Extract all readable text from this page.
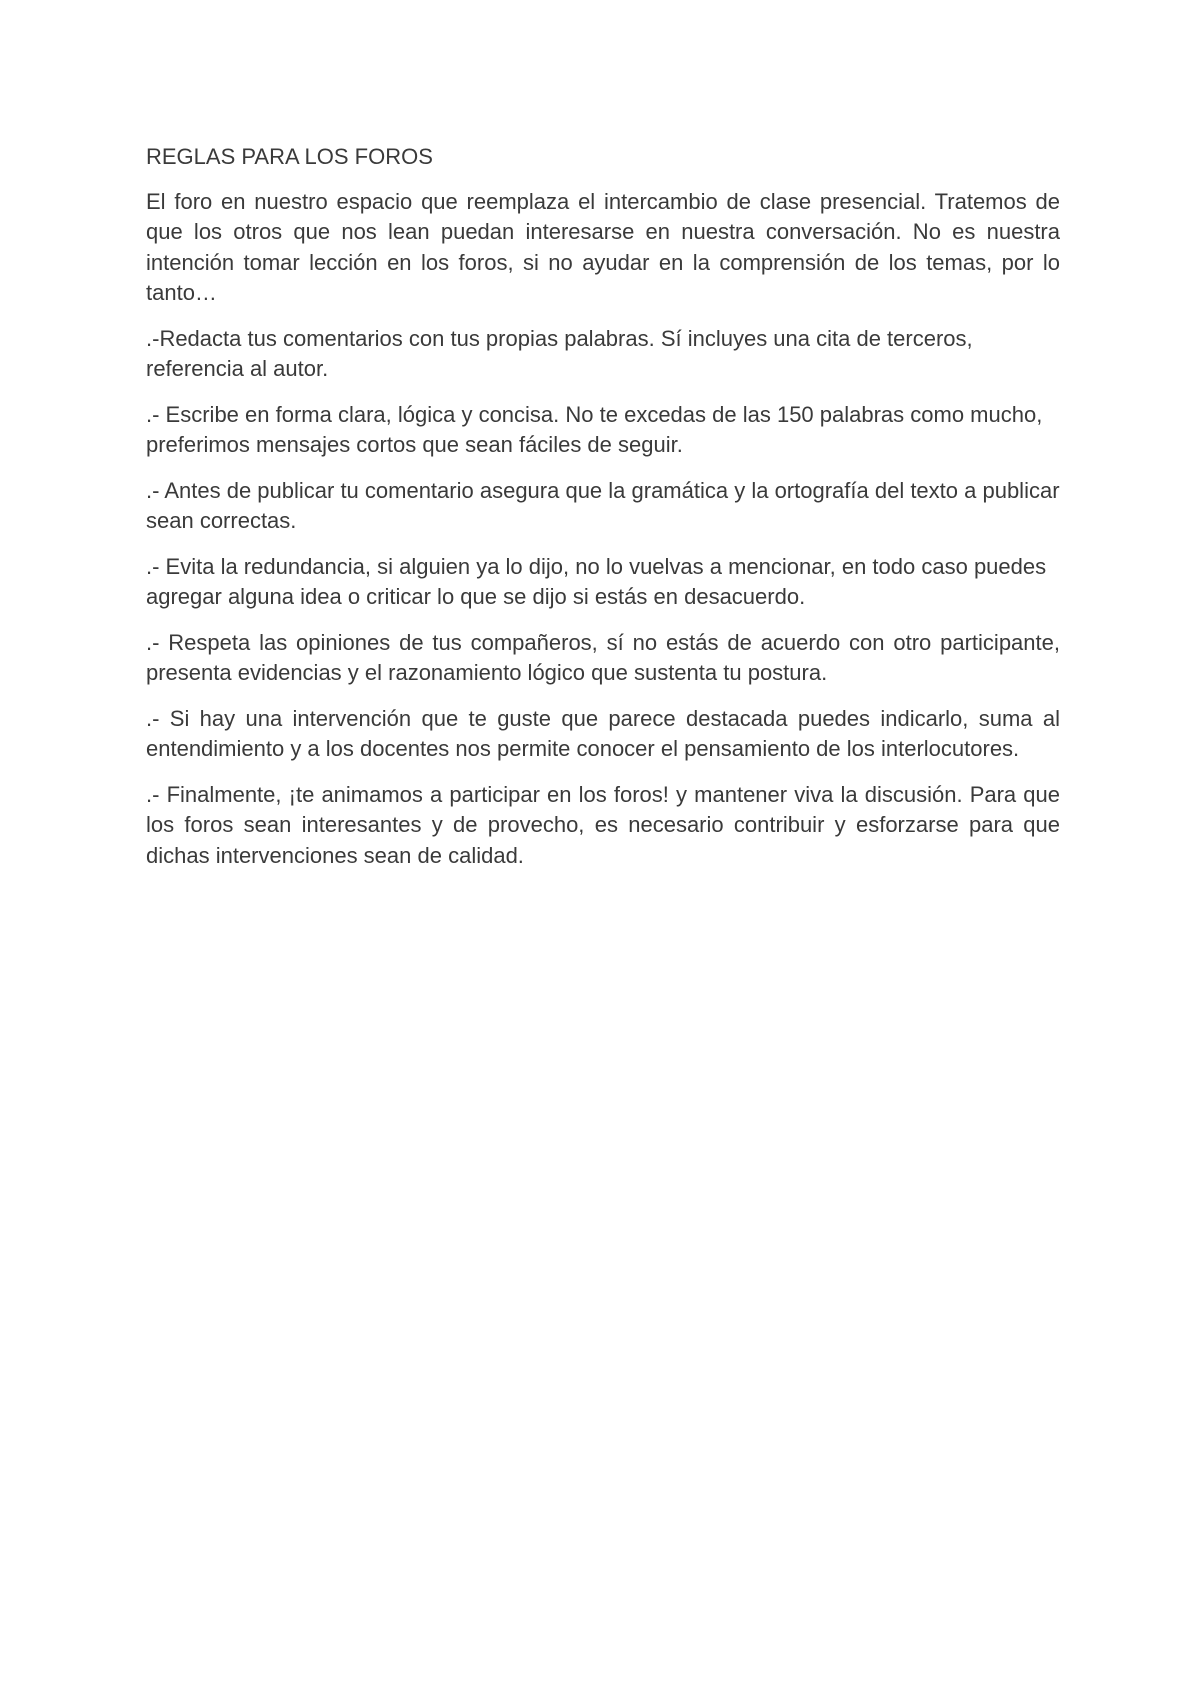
REGLAS PARA LOS FOROS

El foro en nuestro espacio que reemplaza el intercambio de clase presencial. Tratemos de que los otros que nos lean puedan interesarse en nuestra conversación. No es nuestra intención tomar lección en los foros, si no ayudar en la comprensión de los temas, por lo tanto…

.-Redacta tus comentarios con tus propias palabras. Sí incluyes una cita de terceros, referencia al autor.

.- Escribe en forma clara, lógica y concisa. No te excedas de las 150 palabras como mucho, preferimos mensajes cortos que sean fáciles de seguir.

.- Antes de publicar tu comentario asegura que la gramática y la ortografía del texto a publicar sean correctas.

.- Evita la redundancia, si alguien ya lo dijo, no lo vuelvas a mencionar, en todo caso puedes agregar alguna idea o criticar lo que se dijo si estás en desacuerdo.

.- Respeta las opiniones de tus compañeros, sí no estás de acuerdo con otro participante, presenta evidencias y el razonamiento lógico que sustenta tu postura.

.- Si hay una intervención que te guste que parece destacada puedes indicarlo, suma al entendimiento y a los docentes nos permite conocer el pensamiento de los interlocutores.

.- Finalmente, ¡te animamos a participar en los foros! y mantener viva la discusión. Para que los foros sean interesantes y de provecho, es necesario contribuir y esforzarse para que dichas intervenciones sean de calidad.
